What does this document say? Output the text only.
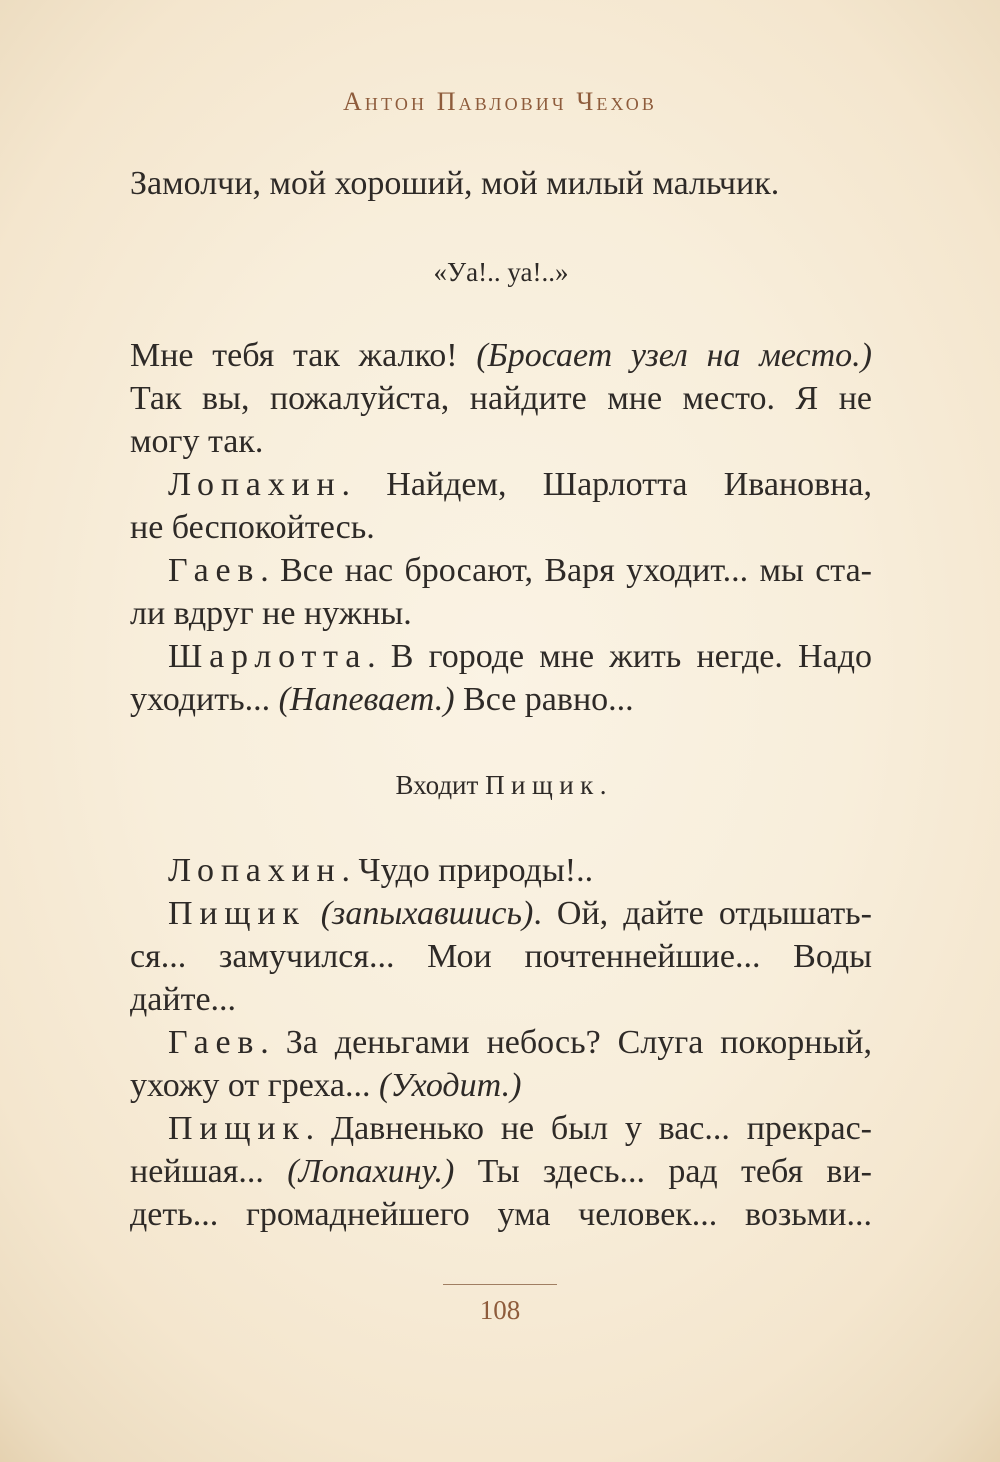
Антон Павлович Чехов
Замолчи, мой хороший, мой милый мальчик.
«Уа!.. уа!..»
Мне тебя так жалко! (Бросает узел на место.)
Так вы, пожалуйста, найдите мне место. Я не
могу так.
Лопахин. Найдем, Шарлотта Ивановна,
не беспокойтесь.
Гаев. Все нас бросают, Варя уходит... мы ста-
ли вдруг не нужны.
Шарлотта. В городе мне жить негде. Надо
уходить... (Напевает.) Все равно...
Входит Пищик.
Лопахин. Чудо природы!..
Пищик (запыхавшись). Ой, дайте отдышать-
ся... замучился... Мои почтеннейшие... Воды
дайте...
Гаев. За деньгами небось? Слуга покорный,
ухожу от греха... (Уходит.)
Пищик. Давненько не был у вас... прекрас-
нейшая... (Лопахину.) Ты здесь... рад тебя ви-
деть... громаднейшего ума человек... возьми...
108
